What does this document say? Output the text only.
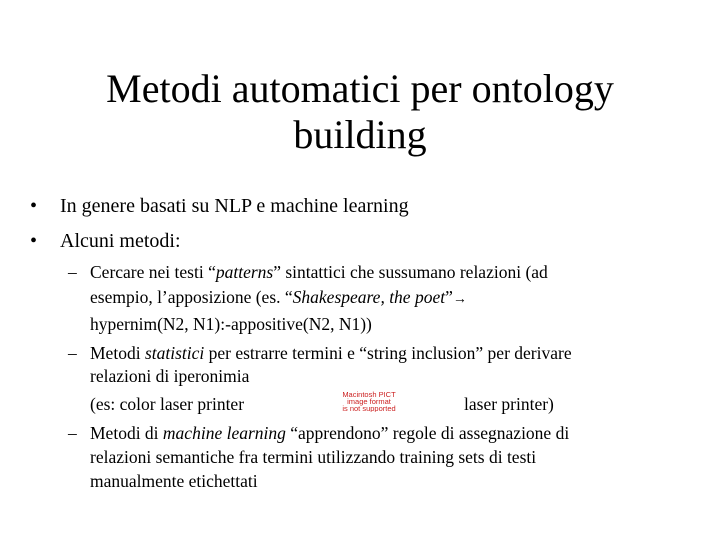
Metodi automatici per ontology
building
• In genere basati su NLP e machine learning
• Alcuni metodi:
– Cercare nei testi “patterns” sintattici che sussumano relazioni (ad
esempio, l’apposizione (es. “Shakespeare, the poet”→
hypernim(N2, N1):-appositive(N2, N1))
– Metodi statistici per estrarre termini e “string inclusion” per derivare
relazioni di iperonimia
(es: color laser printer	Macintosh PICT
image format
is not supported	laser printer)
– Metodi di machine learning “apprendono” regole di assegnazione di
relazioni semantiche fra termini utilizzando training sets di testi
manualmente etichettati
